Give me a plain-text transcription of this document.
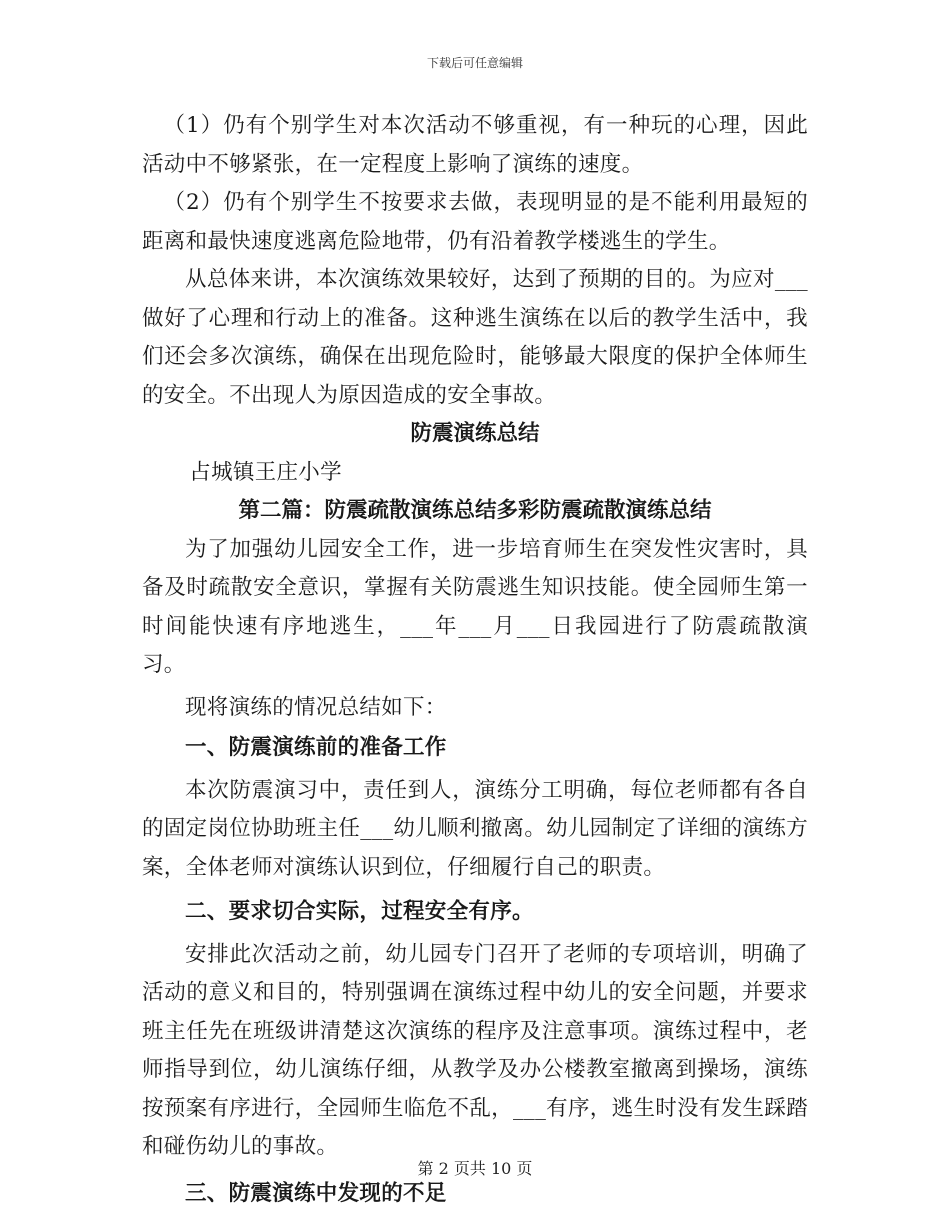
下载后可任意编辑

（1）仍有个别学生对本次活动不够重视，有一种玩的心理，因此活动中不够紧张，在一定程度上影响了演练的速度。

（2）仍有个别学生不按要求去做，表现明显的是不能利用最短的距离和最快速度逃离危险地带，仍有沿着教学楼逃生的学生。

从总体来讲，本次演练效果较好，达到了预期的目的。为应对___做好了心理和行动上的准备。这种逃生演练在以后的教学生活中，我们还会多次演练，确保在出现危险时，能够最大限度的保护全体师生的安全。不出现人为原因造成的安全事故。

防震演练总结

占城镇王庄小学

第二篇：防震疏散演练总结多彩防震疏散演练总结

为了加强幼儿园安全工作，进一步培育师生在突发性灾害时，具备及时疏散安全意识，掌握有关防震逃生知识技能。使全园师生第一时间能快速有序地逃生，___年___月___日我园进行了防震疏散演习。

现将演练的情况总结如下：

一、防震演练前的准备工作

本次防震演习中，责任到人，演练分工明确，每位老师都有各自的固定岗位协助班主任___幼儿顺利撤离。幼儿园制定了详细的演练方案，全体老师对演练认识到位，仔细履行自己的职责。

二、要求切合实际，过程安全有序。

安排此次活动之前，幼儿园专门召开了老师的专项培训，明确了活动的意义和目的，特别强调在演练过程中幼儿的安全问题，并要求班主任先在班级讲清楚这次演练的程序及注意事项。演练过程中，老师指导到位，幼儿演练仔细，从教学及办公楼教室撤离到操场，演练按预案有序进行，全园师生临危不乱，___有序，逃生时没有发生踩踏和碰伤幼儿的事故。

三、防震演练中发现的不足

第 2 页共 10 页
